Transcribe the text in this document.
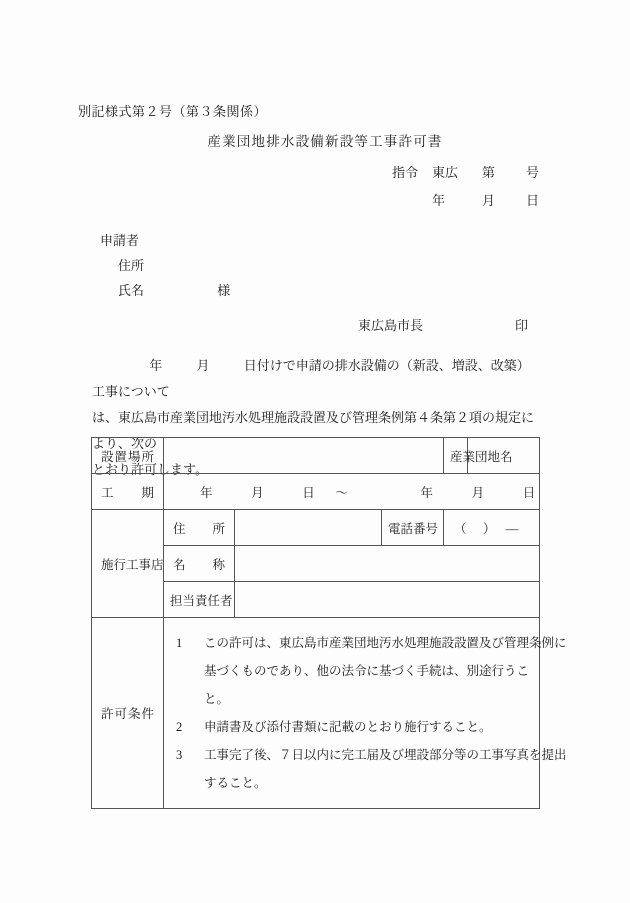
別記様式第２号（第３条関係）
産業団地排水設備新設等工事許可書
指令	東広	第	号
年	月	日
申請者
住所
氏名	様
東広島市長	印
年	月	日付けで申請の排水設備の（新設、増設、改築）工事について
は、東広島市産業団地汚水処理施設設置及び管理条例第４条第２項の規定により、次の
とおり許可します。
設置場所				産業団地名	
工期	年 月 日 ～ 年 月 日				
施行工事店	住所		電話番号	（　）　―	
	名称				
	担当責任者				
許可条件	
1	この許可は、東広島市産業団地汚水処理施設設置及び管理条例に
基づくものであり、他の法令に基づく手続は、別途行うこと。
2	申請書及び添付書類に記載のとおり施行すること。
3	工事完了後、７日以内に完工届及び埋設部分等の工事写真を提出
すること。
